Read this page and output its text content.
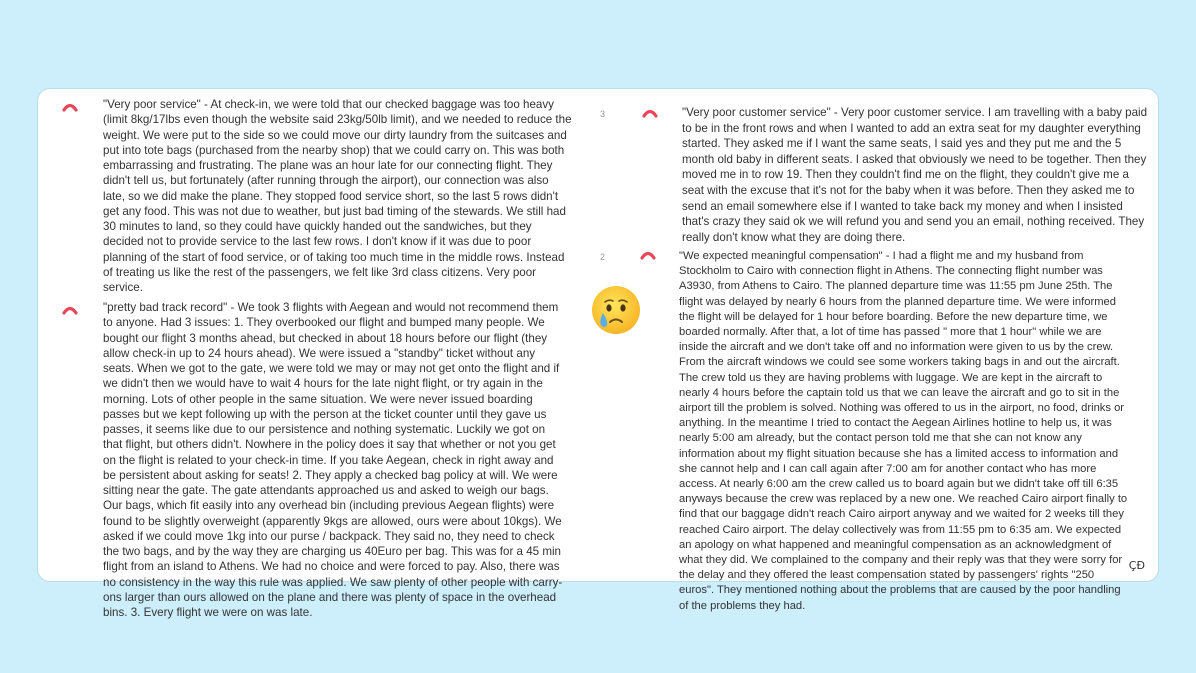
"Very poor service" - At check-in, we were told that our checked baggage was too heavy (limit 8kg/17lbs even though the website said 23kg/50lb limit), and we needed to reduce the weight. We were put to the side so we could move our dirty laundry from the suitcases and put into tote bags (purchased from the nearby shop) that we could carry on. This was both embarrassing and frustrating. The plane was an hour late for our connecting flight. They didn't tell us, but fortunately (after running through the airport), our connection was also late, so we did make the plane. They stopped food service short, so the last 5 rows didn't get any food. This was not due to weather, but just bad timing of the stewards. We still had 30 minutes to land, so they could have quickly handed out the sandwiches, but they decided not to provide service to the last few rows. I don't know if it was due to poor planning of the start of food service, or of taking too much time in the middle rows. Instead of treating us like the rest of the passengers, we felt like 3rd class citizens. Very poor service.

"pretty bad track record" - We took 3 flights with Aegean and would not recommend them to anyone. Had 3 issues: 1. They overbooked our flight and bumped many people. We bought our flight 3 months ahead, but checked in about 18 hours before our flight (they allow check-in up to 24 hours ahead). We were issued a "standby" ticket without any seats. When we got to the gate, we were told we may or may not get onto the flight and if we didn't then we would have to wait 4 hours for the late night flight, or try again in the morning. Lots of other people in the same situation. We were never issued boarding passes but we kept following up with the person at the ticket counter until they gave us passes, it seems like due to our persistence and nothing systematic. Luckily we got on that flight, but others didn't. Nowhere in the policy does it say that whether or not you get on the flight is related to your check-in time. If you take Aegean, check in right away and be persistent about asking for seats! 2. They apply a checked bag policy at will. We were sitting near the gate. The gate attendants approached us and asked to weigh our bags. Our bags, which fit easily into any overhead bin (including previous Aegean flights) were found to be slightly overweight (apparently 9kgs are allowed, ours were about 10kgs). We asked if we could move 1kg into our purse / backpack. They said no, they need to check the two bags, and by the way they are charging us 40Euro per bag. This was for a 45 min flight from an island to Athens. We had no choice and were forced to pay. Also, there was no consistency in the way this rule was applied. We saw plenty of other people with carry-ons larger than ours allowed on the plane and there was plenty of space in the overhead bins. 3. Every flight we were on was late.

3	"Very poor customer service" - Very poor customer service. I am travelling with a baby paid to be in the front rows and when I wanted to add an extra seat for my daughter everything started. They asked me if I want the same seats, I said yes and they put me and the 5 month old baby in different seats. I asked that obviously we need to be together. Then they moved me in to row 19. Then they couldn't find me on the flight, they couldn't give me a seat with the excuse that it's not for the baby when it was before. Then they asked me to send an email somewhere else if I wanted to take back my money and when I insisted that's crazy they said ok we will refund you and send you an email, nothing received. They really don't know what they are doing there.

2	"We expected meaningful compensation" - I had a flight me and my husband from Stockholm to Cairo with connection flight in Athens. The connecting flight number was A3930, from Athens to Cairo. The planned departure time was 11:55 pm June 25th. The flight was delayed by nearly 6 hours from the planned departure time. We were informed the flight will be delayed for 1 hour before boarding. Before the new departure time, we boarded normally. After that, a lot of time has passed " more that 1 hour" while we are inside the aircraft and we don't take off and no information were given to us by the crew. From the aircraft windows we could see some workers taking bags in and out the aircraft. The crew told us they are having problems with luggage. We are kept in the aircraft to nearly 4 hours before the captain told us that we can leave the aircraft and go to sit in the airport till the problem is solved. Nothing was offered to us in the airport, no food, drinks or anything. In the meantime I tried to contact the Aegean Airlines hotline to help us, it was nearly 5:00 am already, but the contact person told me that she can not know any information about my flight situation because she has a limited access to information and she cannot help and I can call again after 7:00 am for another contact who has more access. At nearly 6:00 am the crew called us to board again but we didn't take off till 6:35 anyways because the crew was replaced by a new one. We reached Cairo airport finally to find that our baggage didn't reach Cairo airport anyway and we waited for 2 weeks till they reached Cairo airport. The delay collectively was from 11:55 pm to 6:35 am. We expected an apology on what happened and meaningful compensation as an acknowledgment of what they did. We complained to the company and their reply was that they were sorry for the delay and they offered the least compensation stated by passengers' rights "250 euros". They mentioned nothing about the problems that are caused by the poor handling of the problems they had.

ÇĐ
